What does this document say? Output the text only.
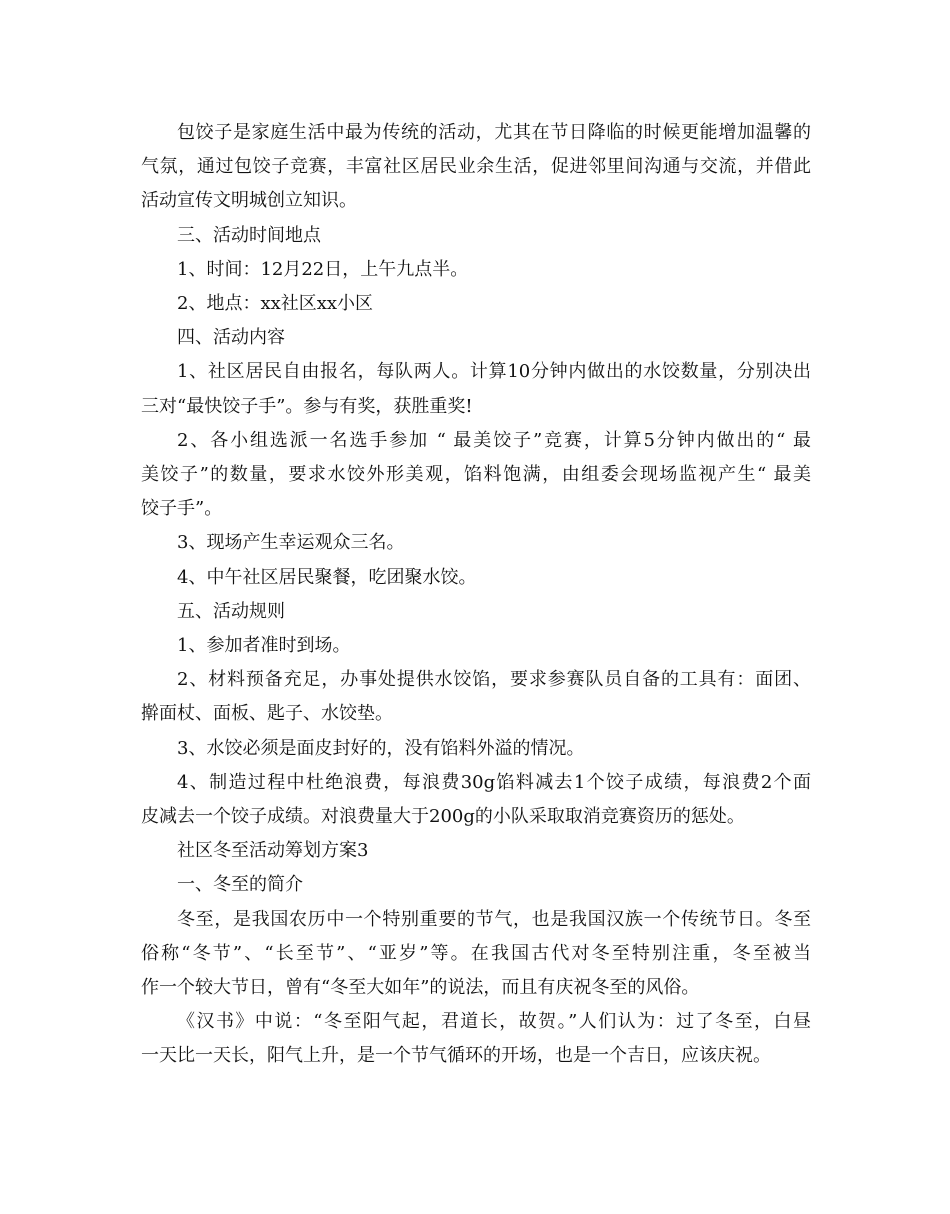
包饺子是家庭生活中最为传统的活动，尤其在节日降临的时候更能增加温馨的
气氛，通过包饺子竞赛，丰富社区居民业余生活，促进邻里间沟通与交流，并借此
活动宣传文明城创立知识。
三、活动时间地点
1、时间：12月22日，上午九点半。
2、地点：xx社区xx小区
四、活动内容
1、社区居民自由报名，每队两人。计算10分钟内做出的水饺数量，分别决出
三对“最快饺子手”。参与有奖，获胜重奖!
2、各小组选派一名选手参加 “ 最美饺子”竞赛，计算5分钟内做出的“ 最
美饺子”的数量，要求水饺外形美观，馅料饱满，由组委会现场监视产生“ 最美
饺子手”。
3、现场产生幸运观众三名。
4、中午社区居民聚餐，吃团聚水饺。
五、活动规则
1、参加者准时到场。
2、材料预备充足，办事处提供水饺馅，要求参赛队员自备的工具有：面团、
擀面杖、面板、匙子、水饺垫。
3、水饺必须是面皮封好的，没有馅料外溢的情况。
4、制造过程中杜绝浪费，每浪费30g馅料减去1个饺子成绩，每浪费2个面
皮减去一个饺子成绩。对浪费量大于200g的小队采取取消竞赛资历的惩处。
社区冬至活动筹划方案3
一、冬至的简介
冬至，是我国农历中一个特别重要的节气，也是我国汉族一个传统节日。冬至
俗称“冬节”、“长至节”、“亚岁”等。在我国古代对冬至特别注重，冬至被当
作一个较大节日，曾有“冬至大如年”的说法，而且有庆祝冬至的风俗。
《汉书》中说：“冬至阳气起，君道长，故贺。”人们认为：过了冬至，白昼
一天比一天长，阳气上升，是一个节气循环的开场，也是一个吉日，应该庆祝。
